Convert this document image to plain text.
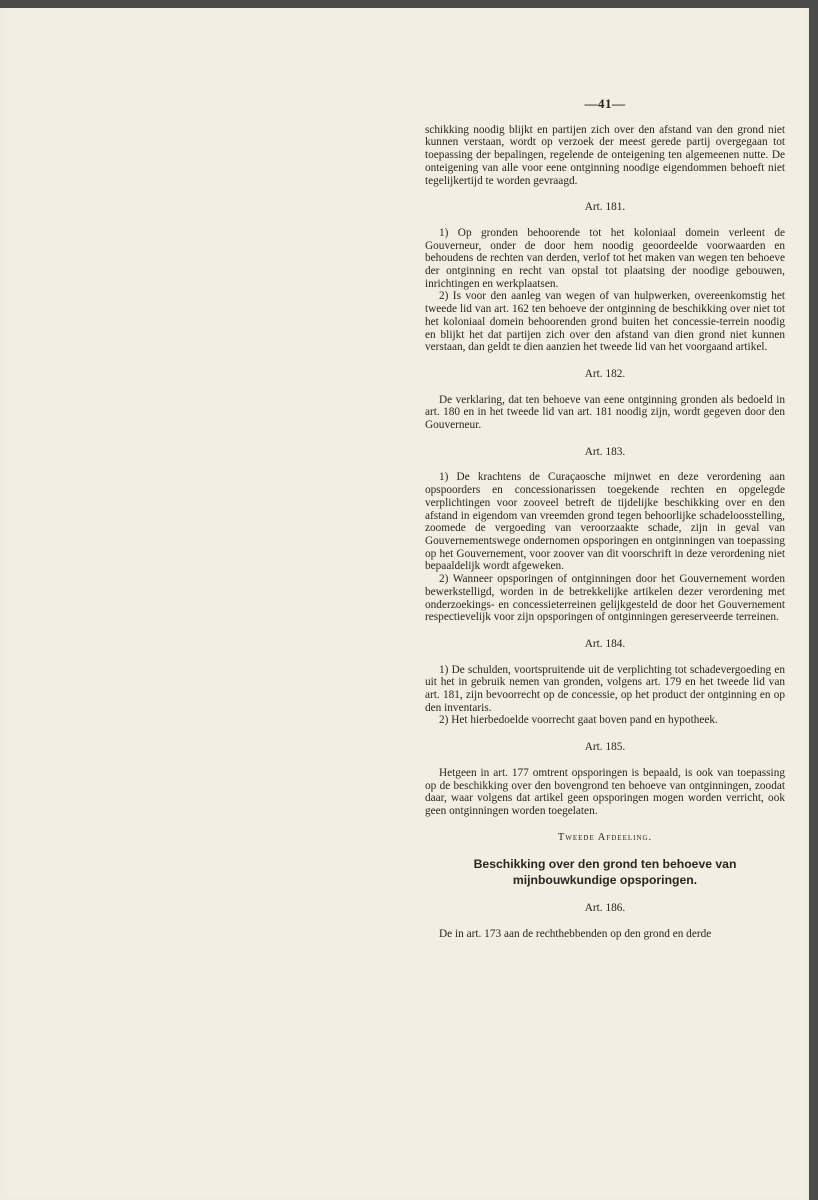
—41—

schikking noodig blijkt en partijen zich over den afstand van den grond niet kunnen verstaan, wordt op verzoek der meest gerede partij overgegaan tot toepassing der bepalingen, regelende de onteigening ten algemeenen nutte. De onteigening van alle voor eene ontginning noodige eigendommen behoeft niet tegelijkertijd te worden gevraagd.

Art. 181.

1) Op gronden behoorende tot het koloniaal domein verleent de Gouverneur, onder de door hem noodig geoordeelde voorwaarden en behoudens de rechten van derden, verlof tot het maken van wegen ten behoeve der ontginning en recht van opstal tot plaatsing der noodige gebouwen, inrichtingen en werkplaatsen.

2) Is voor den aanleg van wegen of van hulpwerken, overeenkomstig het tweede lid van art. 162 ten behoeve der ontginning de beschikking over niet tot het koloniaal domein behoorenden grond buiten het concessie-terrein noodig en blijkt het dat partijen zich over den afstand van dien grond niet kunnen verstaan, dan geldt te dien aanzien het tweede lid van het voorgaand artikel.

Art. 182.

De verklaring, dat ten behoeve van eene ontginning gronden als bedoeld in art. 180 en in het tweede lid van art. 181 noodig zijn, wordt gegeven door den Gouverneur.

Art. 183.

1) De krachtens de Curaçaosche mijnwet en deze verordening aan opspoorders en concessionarissen toegekende rechten en opgelegde verplichtingen voor zooveel betreft de tijdelijke beschikking over en den afstand in eigendom van vreemden grond tegen behoorlijke schadeloosstelling, zoomede de vergoeding van veroorzaakte schade, zijn in geval van Gouvernementswege ondernomen opsporingen en ontginningen van toepassing op het Gouvernement, voor zoover van dit voorschrift in deze verordening niet bepaaldelijk wordt afgeweken.

2) Wanneer opsporingen of ontginningen door het Gouvernement worden bewerkstelligd, worden in de betrekkelijke artikelen dezer verordening met onderzoekings- en concessieterreinen gelijkgesteld de door het Gouvernement respectievelijk voor zijn opsporingen of ontginningen gereserveerde terreinen.

Art. 184.

1) De schulden, voortspruitende uit de verplichting tot schadevergoeding en uit het in gebruik nemen van gronden, volgens art. 179 en het tweede lid van art. 181, zijn bevoorrecht op de concessie, op het product der ontginning en op den inventaris.

2) Het hierbedoelde voorrecht gaat boven pand en hypotheek.

Art. 185.

Hetgeen in art. 177 omtrent opsporingen is bepaald, is ook van toepassing op de beschikking over den bovengrond ten behoeve van ontginningen, zoodat daar, waar volgens dat artikel geen opsporingen mogen worden verricht, ook geen ontginningen worden toegelaten.

Tweede Afdeeling.
Beschikking over den grond ten behoeve van mijnbouwkundige opsporingen.
Art. 186.

De in art. 173 aan de rechthebbenden op den grond en derde
